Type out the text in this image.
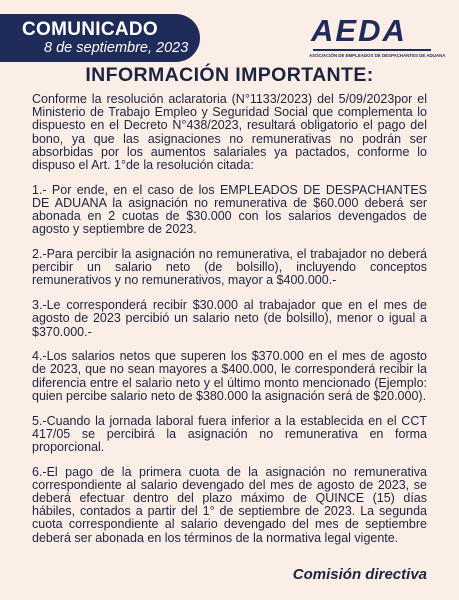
COMUNICADO
8 de septiembre, 2023	AEDA
ASOCIACIÓN DE EMPLEADOS DE DESPACHANTES DE ADUANA
INFORMACIÓN IMPORTANTE:

Conforme la resolución aclaratoria (N°1133/2023) del 5/09/2023por el Ministerio de Trabajo Empleo y Seguridad Social que complementa lo dispuesto en el Decreto N°438/2023, resultará obligatorio el pago del bono, ya que las asignaciones no remunerativas no podrán ser absorbidas por los aumentos salariales ya pactados, conforme lo dispuso el Art. 1°de la resolución citada:

1.- Por ende, en el caso de los EMPLEADOS DE DESPACHANTES DE ADUANA la asignación no remunerativa de $60.000 deberá ser abonada en 2 cuotas de $30.000 con los salarios devengados de agosto y septiembre de 2023.

2.-Para percibir la asignación no remunerativa, el trabajador no deberá percibir un salario neto (de bolsillo), incluyendo conceptos remunerativos y no remunerativos, mayor a $400.000.-

3.-Le corresponderá recibir $30.000 al trabajador que en el mes de agosto de 2023 percibió un salario neto (de bolsillo), menor o igual a $370.000.-

4.-Los salarios netos que superen los $370.000 en el mes de agosto de 2023, que no sean mayores a $400.000, le corresponderá recibir la diferencia entre el salario neto y el último monto mencionado (Ejemplo: quien percibe salario neto de $380.000 la asignación será de $20.000).

5.-Cuando la jornada laboral fuera inferior a la establecida en el CCT 417/05 se percibirá la asignación no remunerativa en forma proporcional.

6.-El pago de la primera cuota de la asignación no remunerativa correspondiente al salario devengado del mes de agosto de 2023, se deberá efectuar dentro del plazo máximo de QUINCE (15) días hábiles, contados a partir del 1° de septiembre de 2023. La segunda cuota correspondiente al salario devengado del mes de septiembre deberá ser abonada en los términos de la normativa legal vigente.

Comisión directiva
